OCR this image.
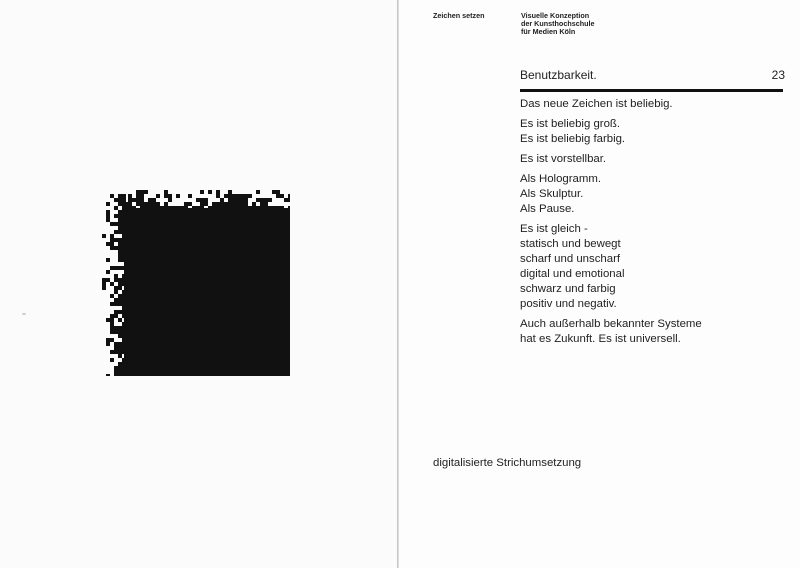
Zeichen setzen	Visuelle Konzeption
der Kunsthochschule
für Medien Köln
Benutzbarkeit.	23

Das neue Zeichen ist beliebig.

Es ist beliebig groß.
Es ist beliebig farbig.

Es ist vorstellbar.

Als Hologramm.
Als Skulptur.
Als Pause.

Es ist gleich -
statisch und bewegt
scharf und unscharf
digital und emotional
schwarz und farbig
positiv und negativ.

Auch außerhalb bekannter Systeme
hat es Zukunft. Es ist universell.

digitalisierte Strichumsetzung
